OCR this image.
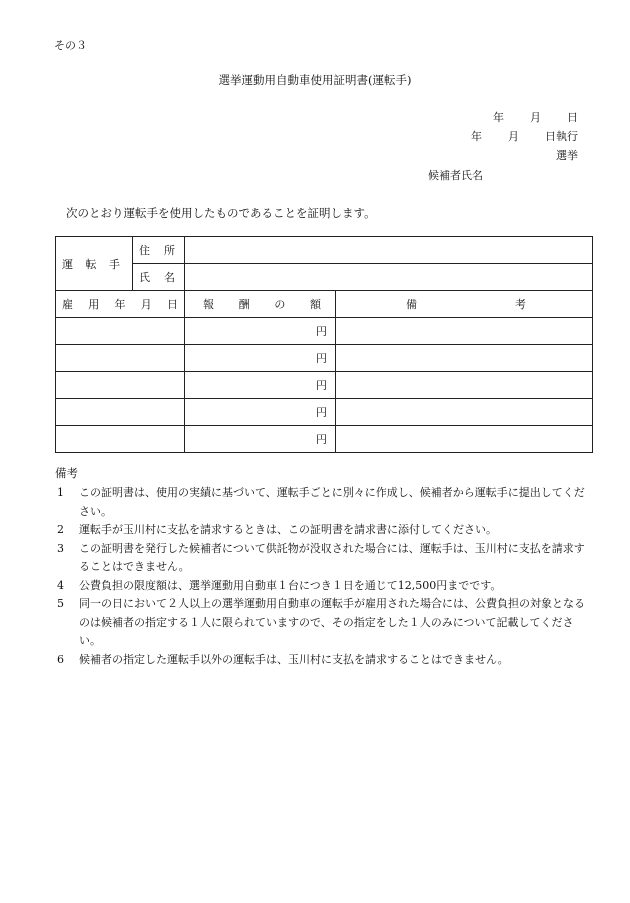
その３
選挙運動用自動車使用証明書(運転手)
年 月 日
年 月 日執行
選挙
候補者氏名
次のとおり運転手を使用したものであることを証明します。
運 転 手	住 所		

	氏 名		

雇 用 年 月 日		報 酬 の 額	備 考

		円	
		円	
		円	
		円	
		円	
備考
1	この証明書は、使用の実績に基づいて、運転手ごとに別々に作成し、候補者から運転手に提出してください。
2	運転手が玉川村に支払を請求するときは、この証明書を請求書に添付してください。
3	この証明書を発行した候補者について供託物が没収された場合には、運転手は、玉川村に支払を請求することはできません。
4	公費負担の限度額は、選挙運動用自動車１台につき１日を通じて12,500円までです。
5	同一の日において２人以上の選挙運動用自動車の運転手が雇用された場合には、公費負担の対象となるのは候補者の指定する１人に限られていますので、その指定をした１人のみについて記載してください。
6	候補者の指定した運転手以外の運転手は、玉川村に支払を請求することはできません。
